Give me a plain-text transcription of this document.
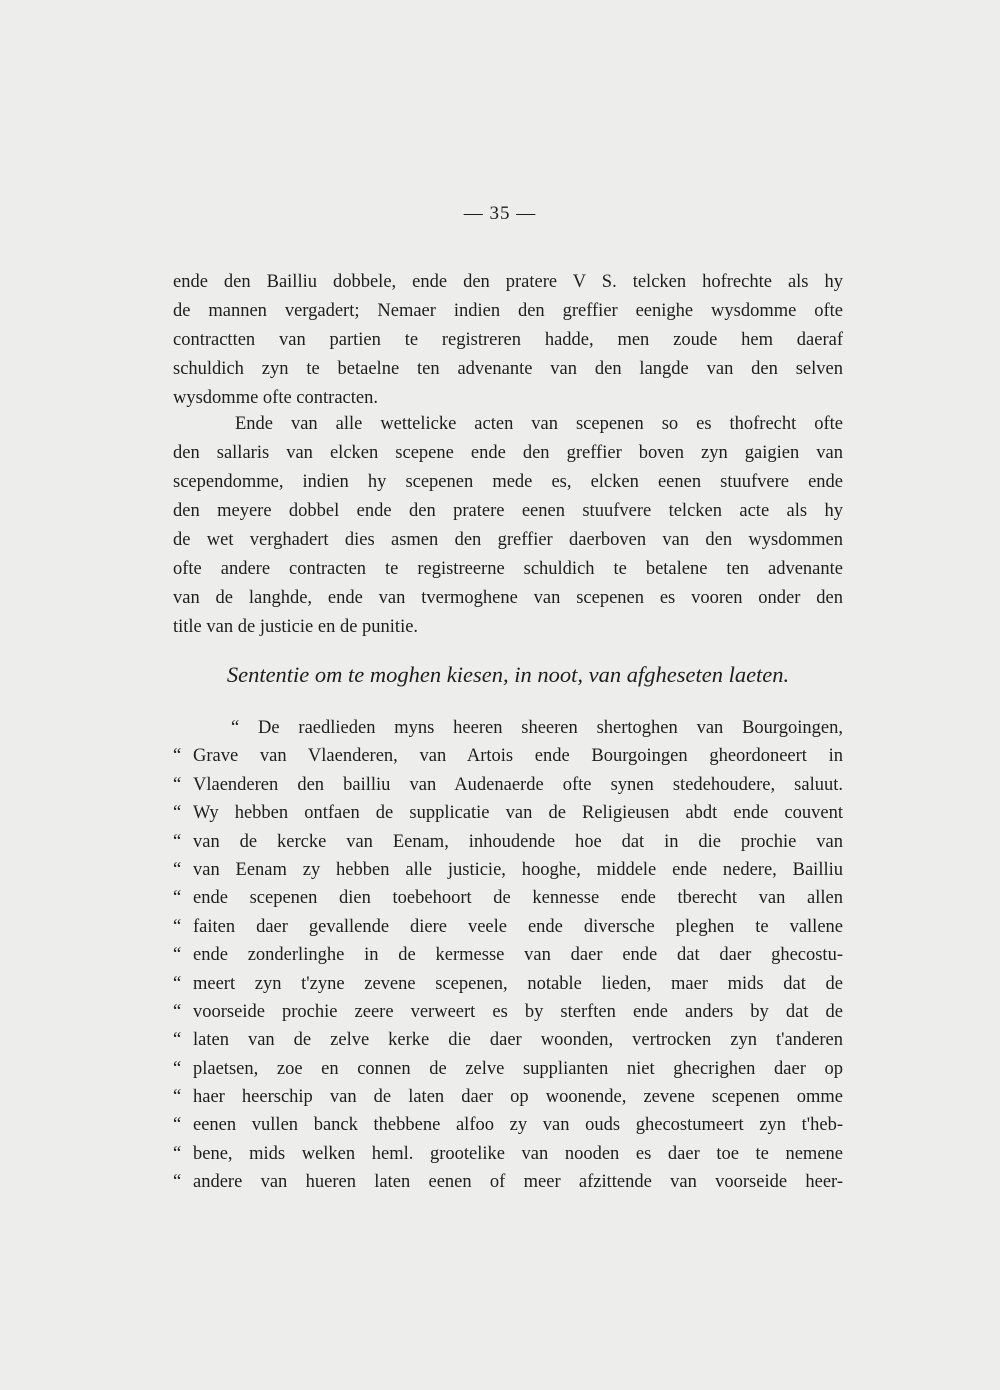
— 35 —
ende den Bailliu dobbele, ende den pratere V S. telcken hofrechte als hy
de mannen vergadert; Nemaer indien den greffier eenighe wysdomme ofte
contractten van partien te registreren hadde, men zoude hem daeraf
schuldich zyn te betaelne ten advenante van den langde van den selven
wysdomme ofte contracten.
Ende van alle wettelicke acten van scepenen so es thofrecht ofte
den sallaris van elcken scepene ende den greffier boven zyn gaigien van
scependomme, indien hy scepenen mede es, elcken eenen stuufvere ende
den meyere dobbel ende den pratere eenen stuufvere telcken acte als hy
de wet verghadert dies asmen den greffier daerboven van den wysdommen
ofte andere contracten te registreerne schuldich te betalene ten advenante
van de langhde, ende van tvermoghene van scepenen es vooren onder den
title van de justicie en de punitie.
Sententie om te moghen kiesen, in noot, van afgheseten laeten.
“ De raedlieden myns heeren sheeren shertoghen van Bourgoingen,
“ Grave van Vlaenderen, van Artois ende Bourgoingen gheordoneert in
“ Vlaenderen den bailliu van Audenaerde ofte synen stedehoudere, saluut.
“ Wy hebben ontfaen de supplicatie van de Religieusen abdt ende couvent
“ van de kercke van Eenam, inhoudende hoe dat in die prochie van
“ van Eenam zy hebben alle justicie, hooghe, middele ende nedere, Bailliu
“ ende scepenen dien toebehoort de kennesse ende tberecht van allen
“ faiten daer gevallende diere veele ende diversche pleghen te vallene
“ ende zonderlinghe in de kermesse van daer ende dat daer ghecostu-
“ meert zyn t'zyne zevene scepenen, notable lieden, maer mids dat de
“ voorseide prochie zeere verweert es by sterften ende anders by dat de
“ laten van de zelve kerke die daer woonden, vertrocken zyn t'anderen
“ plaetsen, zoe en connen de zelve supplianten niet ghecrighen daer op
“ haer heerschip van de laten daer op woonende, zevene scepenen omme
“ eenen vullen banck thebbene alfoo zy van ouds ghecostumeert zyn t'heb-
“ bene, mids welken heml. grootelike van nooden es daer toe te nemene
“ andere van hueren laten eenen of meer afzittende van voorseide heer-
